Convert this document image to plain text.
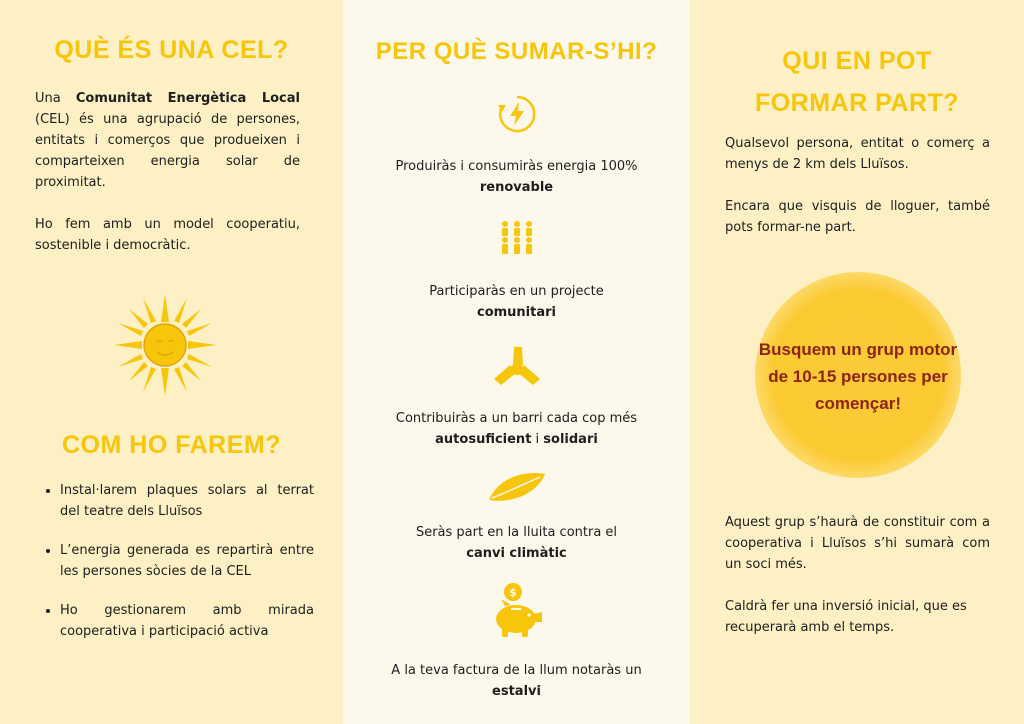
QUÈ ÉS UNA CEL?
Una Comunitat Energètica Local (CEL) és una agrupació de persones, entitats i comerços que produeixen i comparteixen energia solar de proximitat.
Ho fem amb un model cooperatiu, sostenible i democràtic.
COM HO FAREM?
• Instal·larem plaques solars al terrat del teatre dels Lluïsos
• L’energia generada es repartirà entre les persones sòcies de la CEL
• Ho gestionarem amb mirada cooperativa i participació activa
PER QUÈ SUMAR-S’HI?
Produiràs i consumiràs energia 100%
renovable
Participaràs en un projecte
comunitari
Contribuiràs a un barri cada cop més
autosuficient i solidari
Seràs part en la lluita contra el
canvi climàtic
$
A la teva factura de la llum notaràs un
estalvi
QUI EN POT
FORMAR PART?
Qualsevol persona, entitat o comerç a menys de 2 km dels Lluïsos.
Encara que visquis de lloguer, també pots formar-ne part.
Busquem un grup motor de 10-15 persones per començar!
Aquest grup s’haurà de constituir com a cooperativa i Lluïsos s’hi sumarà com un soci més.
Caldrà fer una inversió inicial, que es recuperarà amb el temps.
